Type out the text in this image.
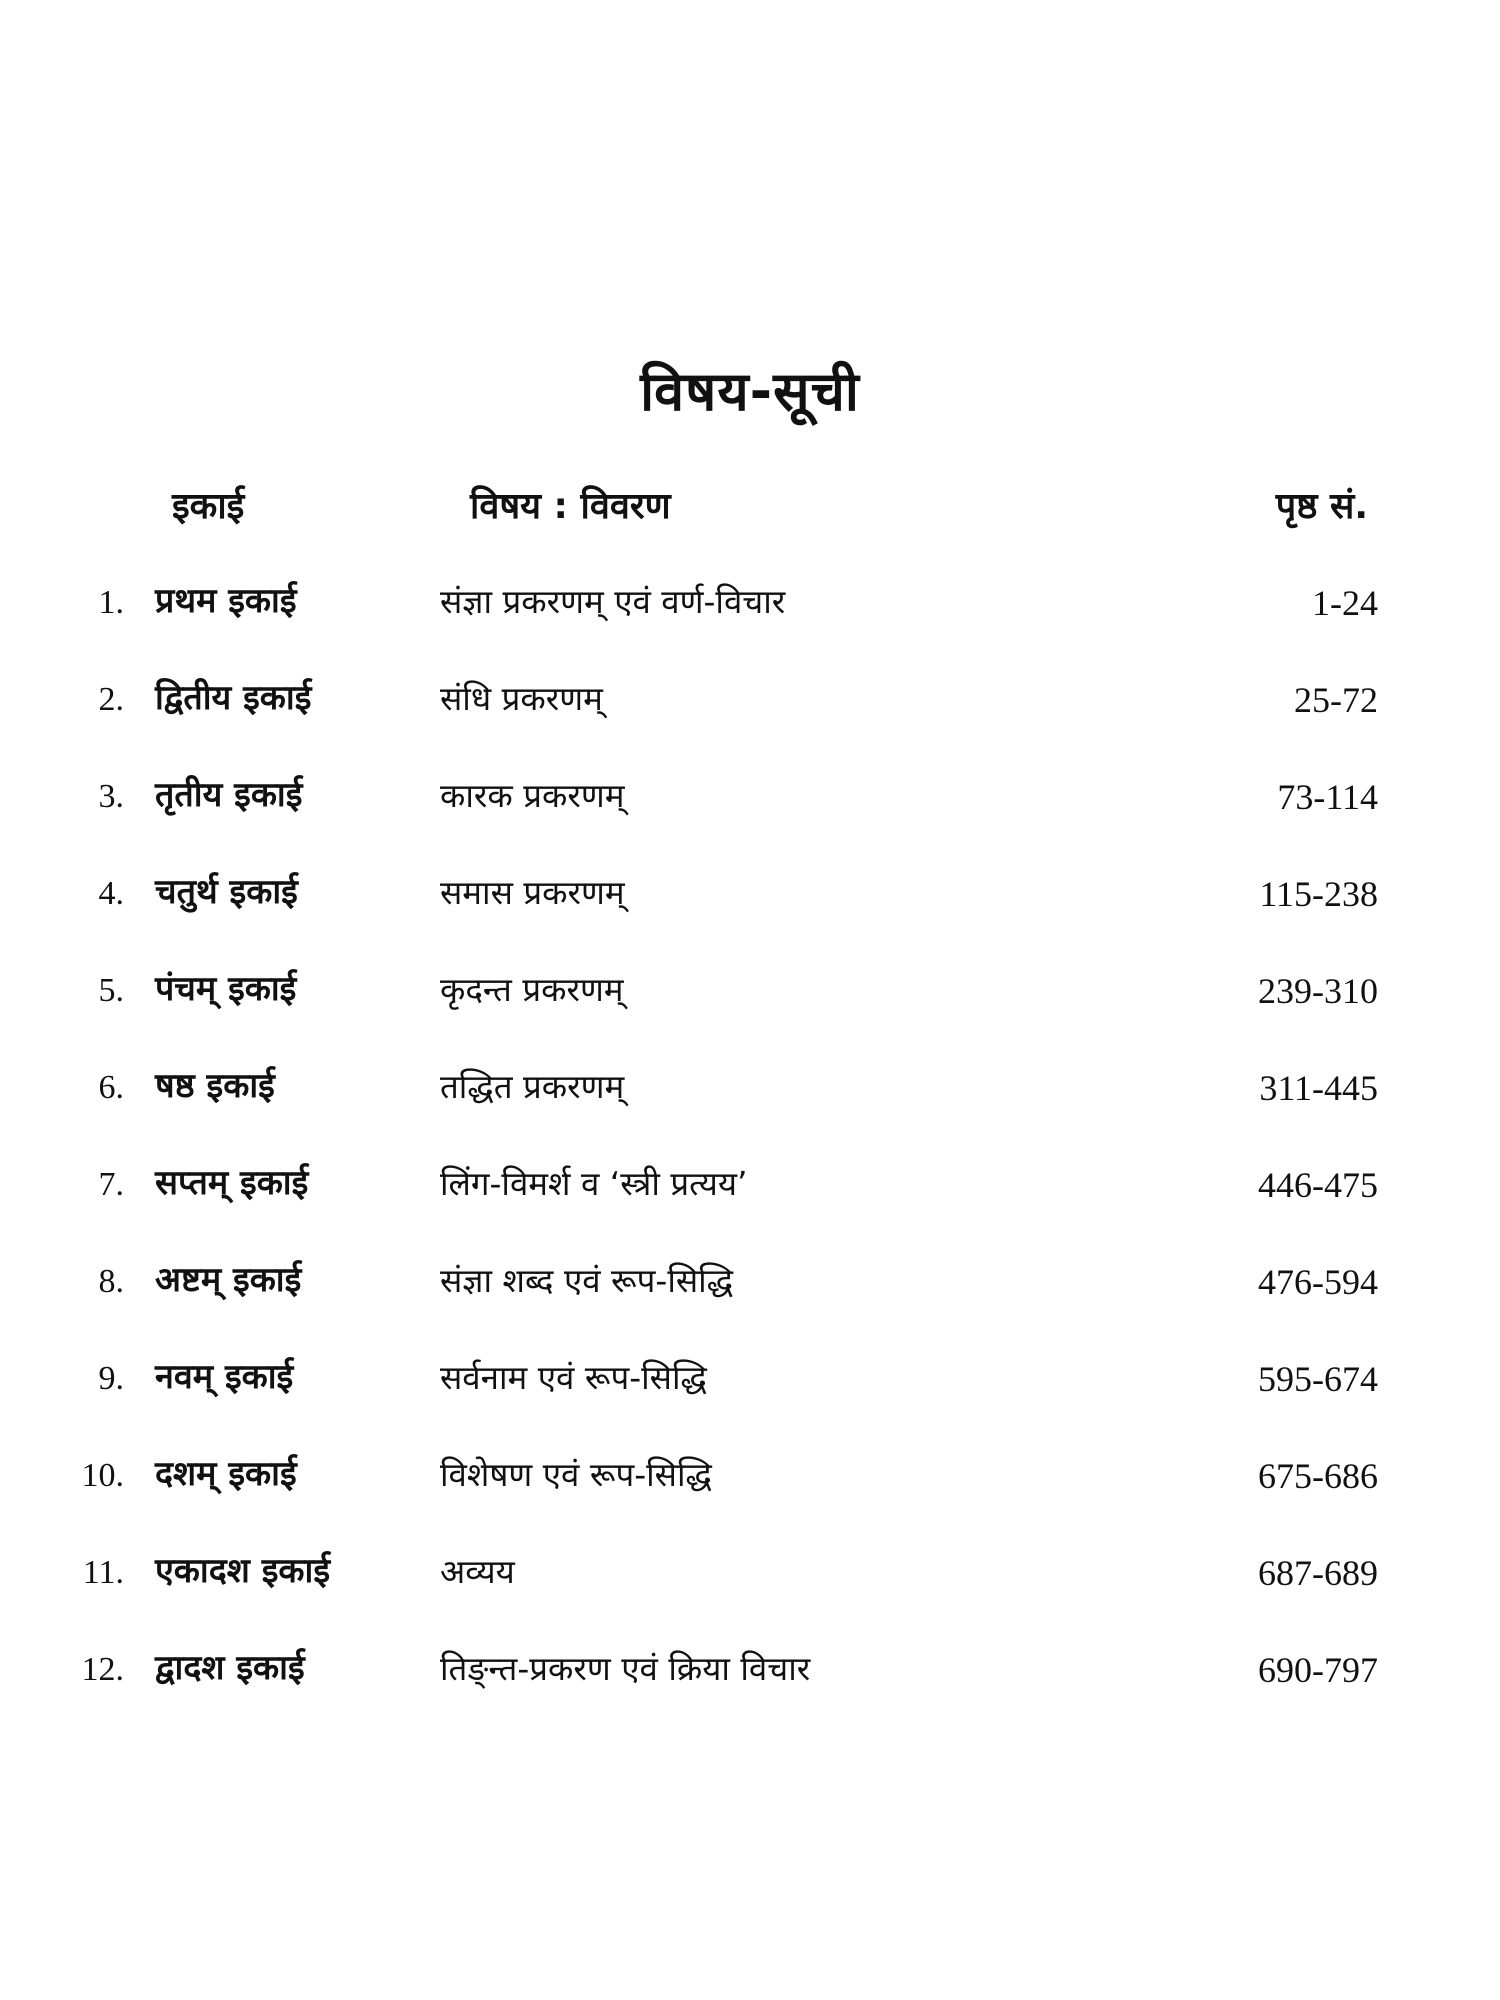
विषय-सूची
इकाई	विषय : विवरण	पृष्ठ सं.
1. प्रथम इकाई	संज्ञा प्रकरणम् एवं वर्ण-विचार	1-24
2. द्वितीय इकाई	संधि प्रकरणम्	25-72
3. तृतीय इकाई	कारक प्रकरणम्	73-114
4. चतुर्थ इकाई	समास प्रकरणम्	115-238
5. पंचम् इकाई	कृदन्त प्रकरणम्	239-310
6. षष्ठ इकाई	तद्धित प्रकरणम्	311-445
7. सप्तम् इकाई	लिंग-विमर्श व ‘स्त्री प्रत्यय’	446-475
8. अष्टम् इकाई	संज्ञा शब्द एवं रूप-सिद्धि	476-594
9. नवम् इकाई	सर्वनाम एवं रूप-सिद्धि	595-674
10. दशम् इकाई	विशेषण एवं रूप-सिद्धि	675-686
11. एकादश इकाई	अव्यय	687-689
12. द्वादश इकाई	तिङ्न्त-प्रकरण एवं क्रिया विचार	690-797
